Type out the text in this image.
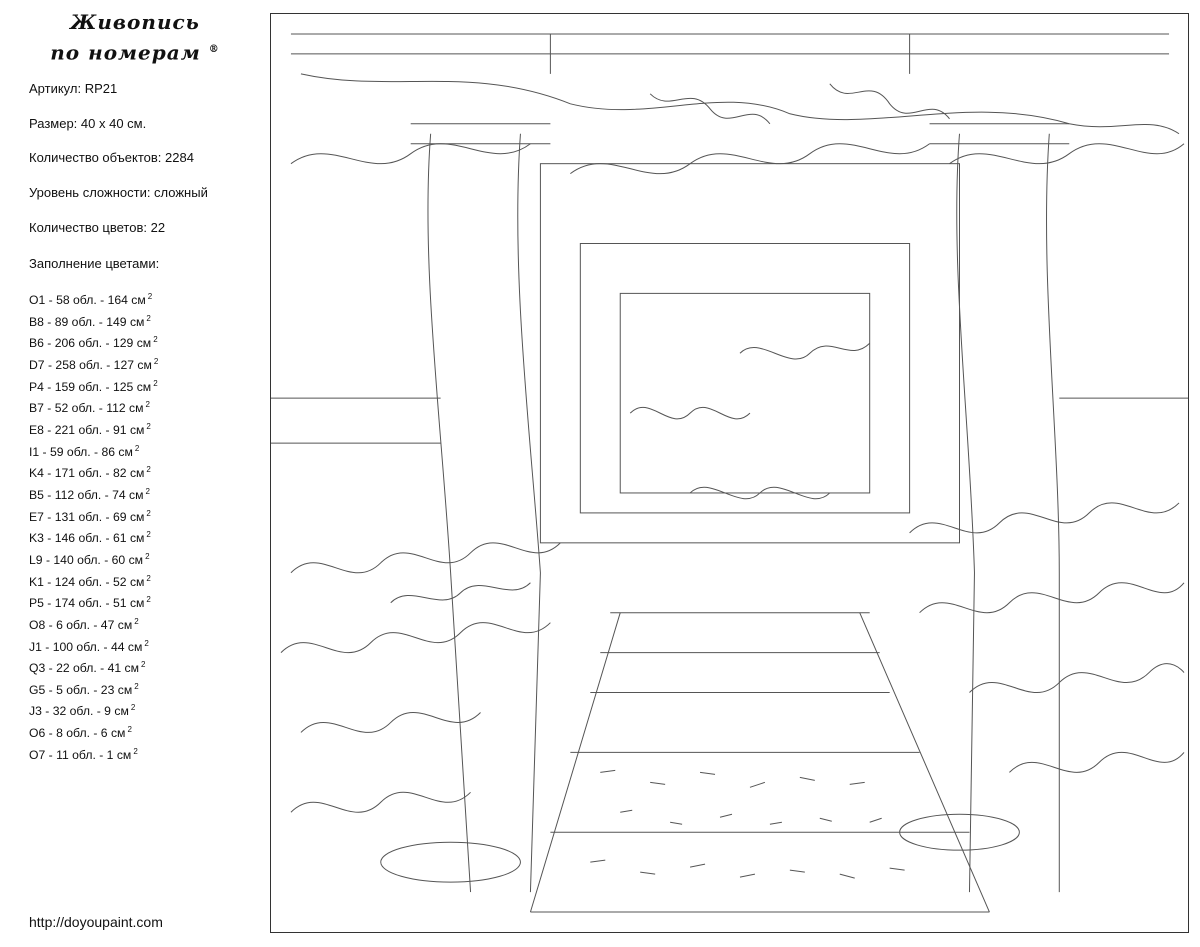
Живопись
по номерам ®
Артикул: RP21
Размер: 40 х 40 см.
Количество объектов: 2284
Уровень сложности: сложный
Количество цветов: 22
Заполнение цветами:
O1 - 58 обл. - 164 см $^2$
B8 - 89 обл. - 149 см $^2$
B6 - 206 обл. - 129 см $^2$
D7 - 258 обл. - 127 см $^2$
P4 - 159 обл. - 125 см $^2$
B7 - 52 обл. - 112 см $^2$
E8 - 221 обл. - 91 см $^2$
I1 - 59 обл. - 86 см $^2$
K4 - 171 обл. - 82 см $^2$
B5 - 112 обл. - 74 см $^2$
E7 - 131 обл. - 69 см $^2$
K3 - 146 обл. - 61 см $^2$
L9 - 140 обл. - 60 см $^2$
K1 - 124 обл. - 52 см $^2$
P5 - 174 обл. - 51 см $^2$
O8 - 6 обл. - 47 см $^2$
J1 - 100 обл. - 44 см $^2$
Q3 - 22 обл. - 41 см $^2$
G5 - 5 обл. - 23 см $^2$
J3 - 32 обл. - 9 см $^2$
O6 - 8 обл. - 6 см $^2$
O7 - 11 обл. - 1 см $^2$
http://doyoupaint.com
